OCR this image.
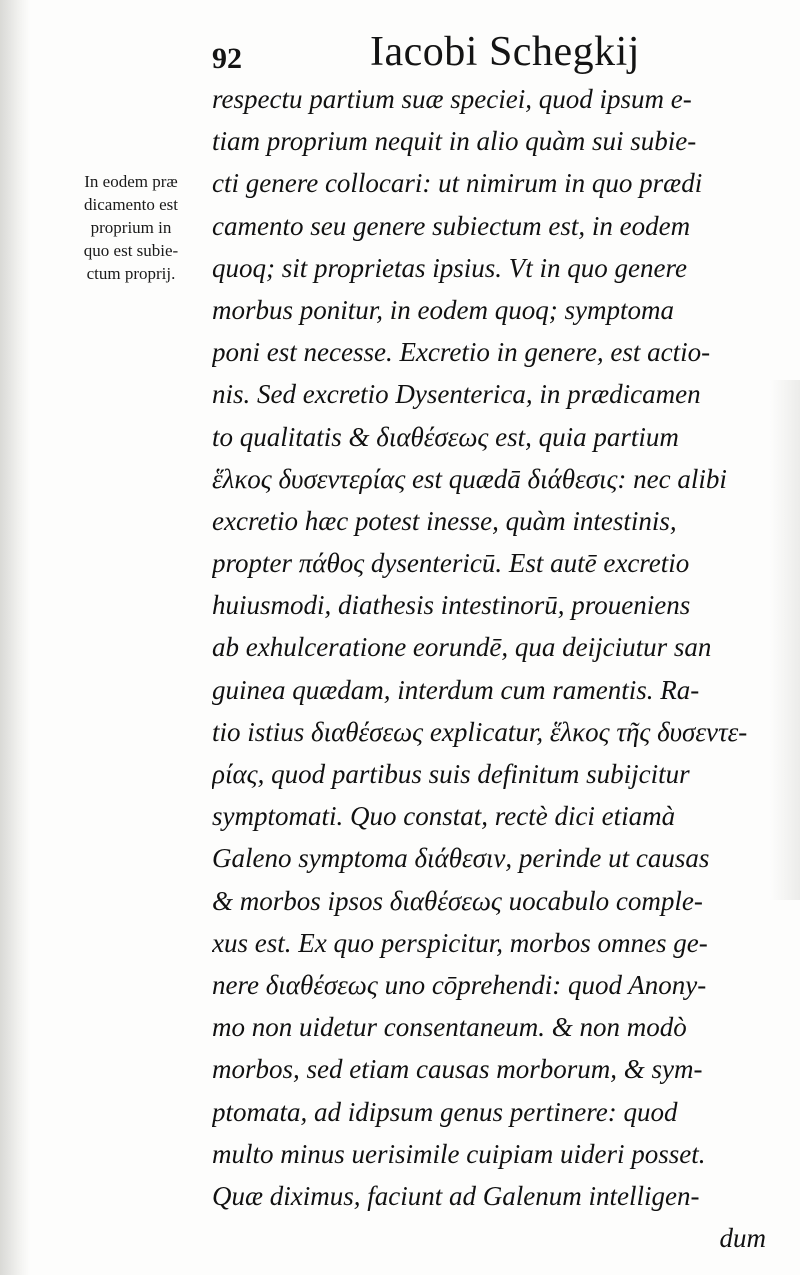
92	Iacobi Schegkij
In eodem præ
dicamento est
proprium in
quo est subie-
ctum proprij.
respectu partium suæ speciei, quod ipsum e-
tiam proprium nequit in alio quàm sui subie-
cti genere collocari: ut nimirum in quo prædi
camento seu genere subiectum est, in eodem
quoq; sit proprietas ipsius. Vt in quo genere
morbus ponitur, in eodem quoq; symptoma
poni est necesse. Excretio in genere, est actio-
nis. Sed excretio Dysenterica, in prædicamen
to qualitatis & διαθέσεως est, quia partium
ἕλκος δυσεντερίας est quædā διάθεσις: nec alibi
excretio hæc potest inesse, quàm intestinis,
propter πάθος dysentericū. Est autē excretio
huiusmodi, diathesis intestinorū, proueniens
ab exhulceratione eorundē, qua deijciutur san
guinea quædam, interdum cum ramentis. Ra-
tio istius διαθέσεως explicatur, ἕλκος τῆς δυσεντε-
ρίας, quod partibus suis definitum subijcitur
symptomati. Quo constat, rectè dici etiamà
Galeno symptoma διάθεσιν, perinde ut causas
& morbos ipsos διαθέσεως uocabulo comple-
xus est. Ex quo perspicitur, morbos omnes ge-
nere διαθέσεως uno cōprehendi: quod Anony-
mo non uidetur consentaneum. & non modò
morbos, sed etiam causas morborum, & sym-
ptomata, ad idipsum genus pertinere: quod
multo minus uerisimile cuipiam uideri posset.
Quæ diximus, faciunt ad Galenum intelligen-
dum
